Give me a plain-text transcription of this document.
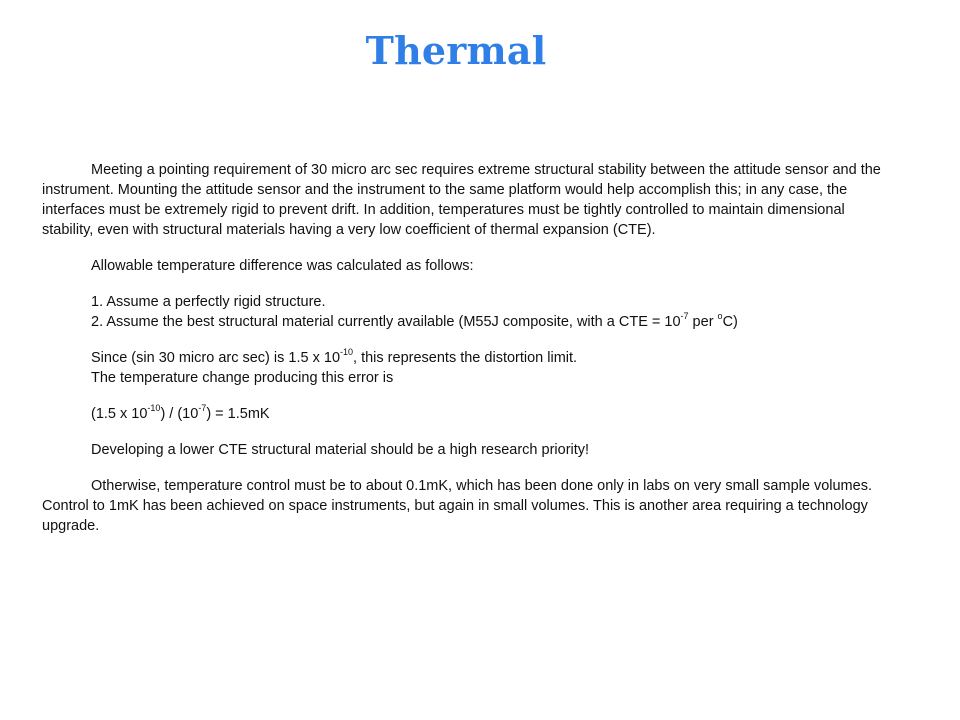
Thermal

Meeting a pointing requirement of 30 micro arc sec requires extreme structural stability between the attitude sensor and the instrument. Mounting the attitude sensor and the instrument to the same platform would help accomplish this; in any case, the interfaces must be extremely rigid to prevent drift. In addition, temperatures must be tightly controlled to maintain dimensional stability, even with structural materials having a very low coefficient of thermal expansion (CTE).

Allowable temperature difference was calculated as follows:

1. Assume a perfectly rigid structure.

2. Assume the best structural material currently available (M55J composite, with a CTE = $10^{-7}$ per $^o$C)

Since (sin 30 micro arc sec) is 1.5 x $10^{-10}$, this represents the distortion limit.

The temperature change producing this error is

(1.5 x $10^{-10}) / (10^{-7}) = 1.5mK$

Developing a lower CTE structural material should be a high research priority!

Otherwise, temperature control must be to about 0.1mK, which has been done only in labs on very small sample volumes. Control to 1mK has been achieved on space instruments, but again in small volumes. This is another area requiring a technology upgrade.
